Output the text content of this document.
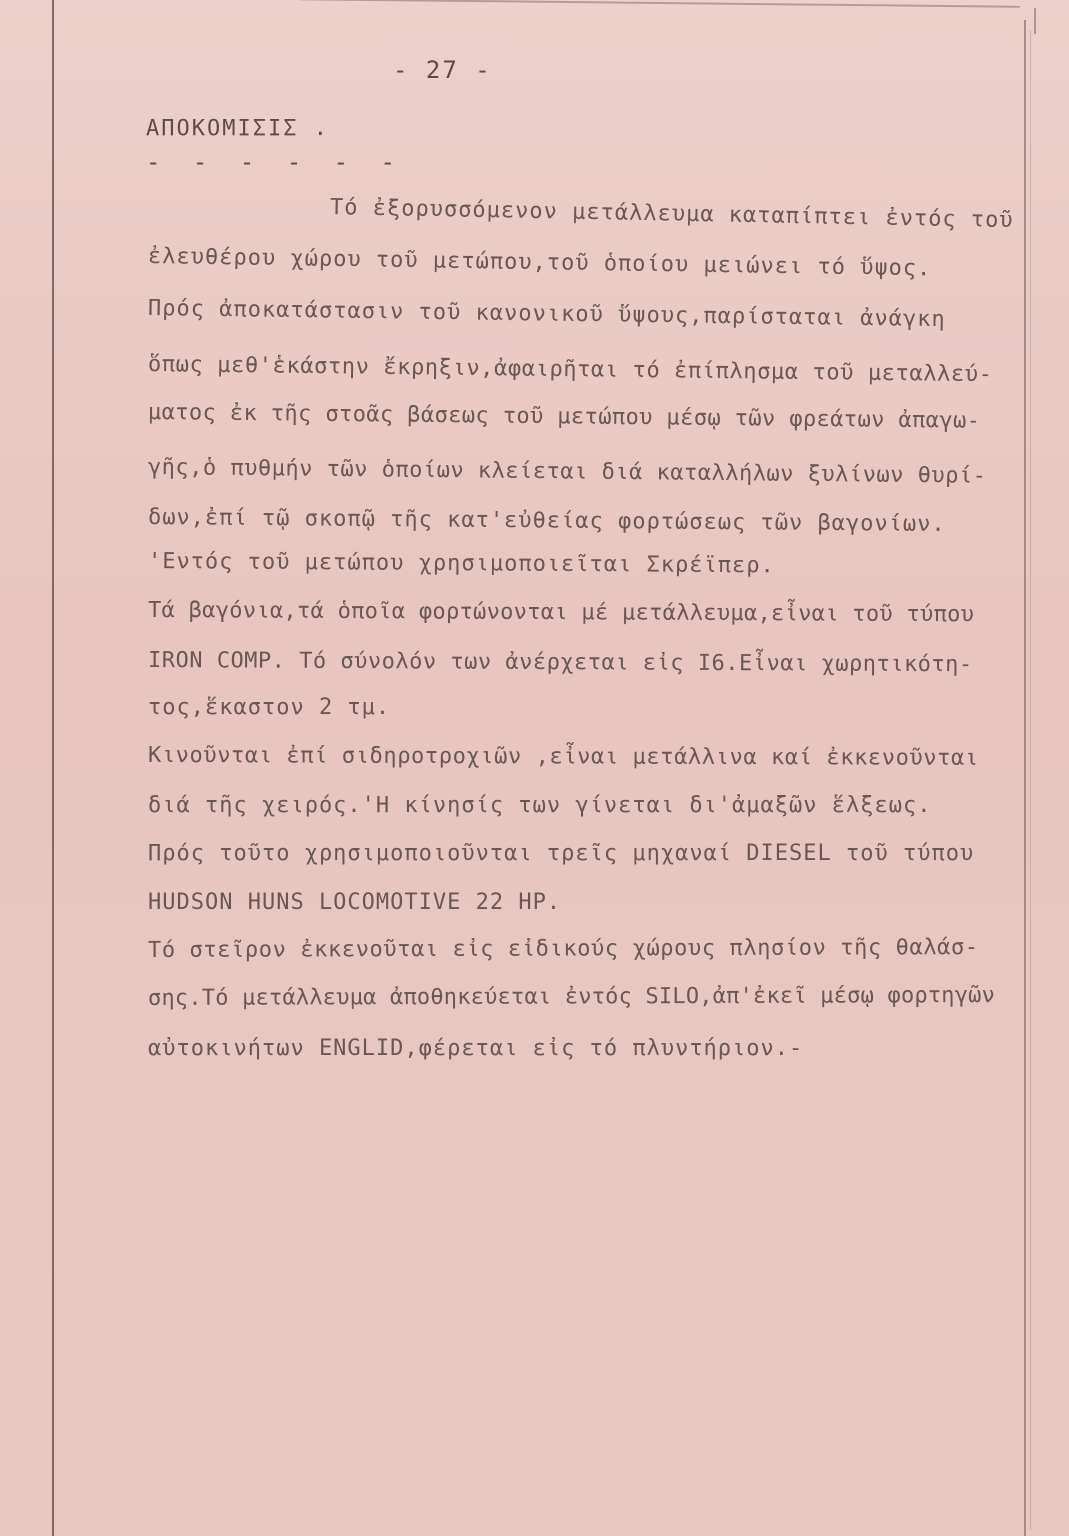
- 27 -
ΑΠΟΚΟΜΙΣΙΣ .
- - - - - -
Τό ἐξορυσσόμενον μετάλλευμα καταπίπτει ἐντός τοῦ
ἐλευθέρου χώρου τοῦ μετώπου,τοῦ ὁποίου μειώνει τό ὕψος.
Πρός ἀποκατάστασιν τοῦ κανονικοῦ ὕψους,παρίσταται ἀνάγκη
ὅπως μεθ'ἑκάστην ἔκρηξιν,ἀφαιρῆται τό ἐπίπλησμα τοῦ μεταλλεύ-
ματος ἐκ τῆς στοᾶς βάσεως τοῦ μετώπου μέσῳ τῶν φρεάτων ἀπαγω-
γῆς,ὁ πυθμήν τῶν ὁποίων κλείεται διά καταλλήλων ξυλίνων θυρί-
δων,ἐπί τῷ σκοπῷ τῆς κατ'εὐθείας φορτώσεως τῶν βαγονίων.
'Εντός τοῦ μετώπου χρησιμοποιεῖται Σκρέϊπερ.
Τά βαγόνια,τά ὁποῖα φορτώνονται μέ μετάλλευμα,εἶναι τοῦ τύπου
IRON COMP. Τό σύνολόν των ἀνέρχεται εἰς Ι6.Εἶναι χωρητικότη-
τος,ἕκαστον 2 τμ.
Κινοῦνται ἐπί σιδηροτροχιῶν ,εἶναι μετάλλινα καί ἐκκενοῦνται
διά τῆς χειρός.'Η κίνησίς των γίνεται δι'ἀμαξῶν ἕλξεως.
Πρός τοῦτο χρησιμοποιοῦνται τρεῖς μηχαναί DIESEL τοῦ τύπου
HUDSON HUNS LOCOMOTIVE 22 HP.
Τό στεῖρον ἐκκενοῦται εἰς εἰδικούς χώρους πλησίον τῆς θαλάσ-
σης.Τό μετάλλευμα ἀποθηκεύεται ἐντός SILO,ἀπ'ἐκεῖ μέσῳ φορτηγῶν
αὐτοκινήτων ENGLID,φέρεται εἰς τό πλυντήριον.-
